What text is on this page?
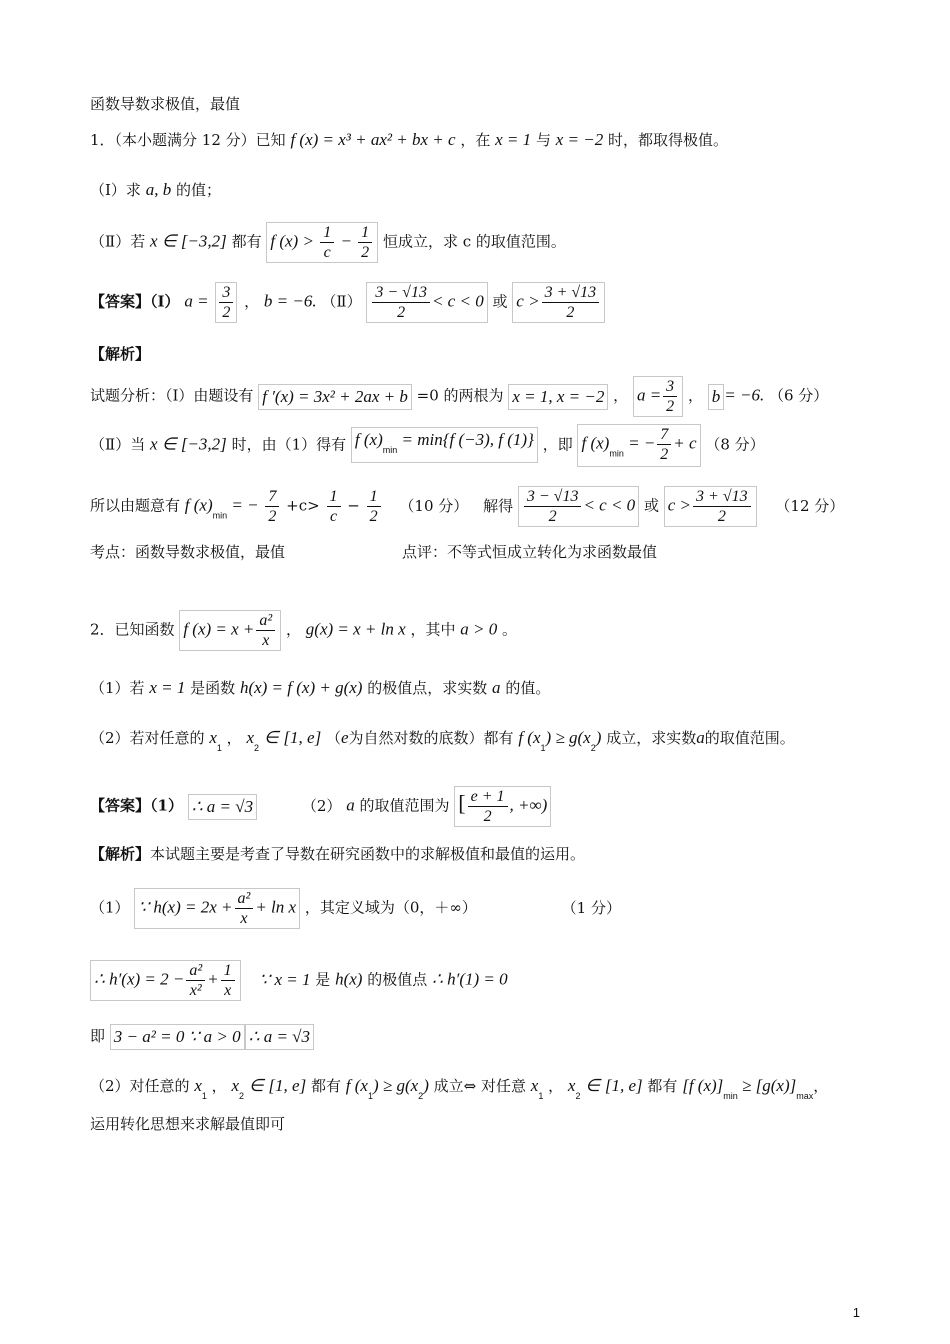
函数导数求极值，最值
1．（本小题满分 12 分）已知 f (x) = x³ + ax² + bx + c ，在 x = 1 与 x = −2 时，都取得极值。
（Ⅰ）求 a, b 的值；
（Ⅱ）若 x ∈ [−3,2] 都有 f $(x) > \frac{1}{c} - \frac{1}{2}$ 恒成立，求 c 的取值范围。
【答案】（Ⅰ） $a = \frac{3}{2}$ ， b = −6. （Ⅱ） $\frac{3 - √13}{2} < c < 0$ 或 $c > \frac{3 + √13}{2}$
【解析】
试题分析：（Ⅰ）由题设有 f ′(x) = 3x² + 2ax + b =0 的两根为 x = 1, x = −2 ， $a = \frac{3}{2}$ ， b = −6. （6 分）
（Ⅱ）当 x ∈ [−3,2] 时，由（1）得有 f $(x)_{min} = \min\{f$ (−3), f (1)} ，即 f $(x)_{min}$ = − $\frac{7}{2} + c$ （8 分）
所以由题意有 f $(x)_{min}$ = − $\frac{7}{2} +c> \frac{1}{c} - \frac{1}{2} (10$ 分） 解得 $\frac{3 - √13}{2} < c < 0$ 或 $c > \frac{3 + √13}{2} (12$ 分）
考点：函数导数求极值，最值	点评：不等式恒成立转化为求函数最值
2．已知函数 f $(x) = x + \frac{\text{a²}}{x}$ ， g(x) = x + ln x ，其中 a > 0 。
（1）若 x = 1 是函数 h(x) = f (x) + g(x) 的极值点，求实数 a 的值。
（2）若对任意的 $x_1$ ， $x_2$ ∈ [1, e] （e为自然对数的底数）都有 f $(x_1) \ge g(x_2)$ 成立，求实数a的取值范围。
【答案】（1） ∴ a = √3	（2） a 的取值范围为 [ $\frac{e + 1}{2}$ , +∞)
【解析】本试题主要是考查了导数在研究函数中的求解极值和最值的运用。
（1） ∵ $h(x) = 2x + \frac{\text{a²}}{x} + \ln x$ ，其定义域为（0，＋∞）	（1 分）
∴ $h'(x) = 2 - \frac{\text{a²}}{\text{x²}} + \frac{1}{x}$ ∵ x = 1 是 h(x) 的极值点 ∴ h′(1) = 0
即 3 − a² = 0 ∵ a > 0 ∴ a = √3
（2）对任意的 $x_1$ ， $x_2$ ∈ [1, e] 都有 f $(x_1) \ge g(x_2)$ 成立⇔ 对任意 $x_1$ ， $x_2$ ∈ [1, e] 都有 [f $(x)]_{min} \ge [g(x)]_{max}$，
运用转化思想来求解最值即可
1
